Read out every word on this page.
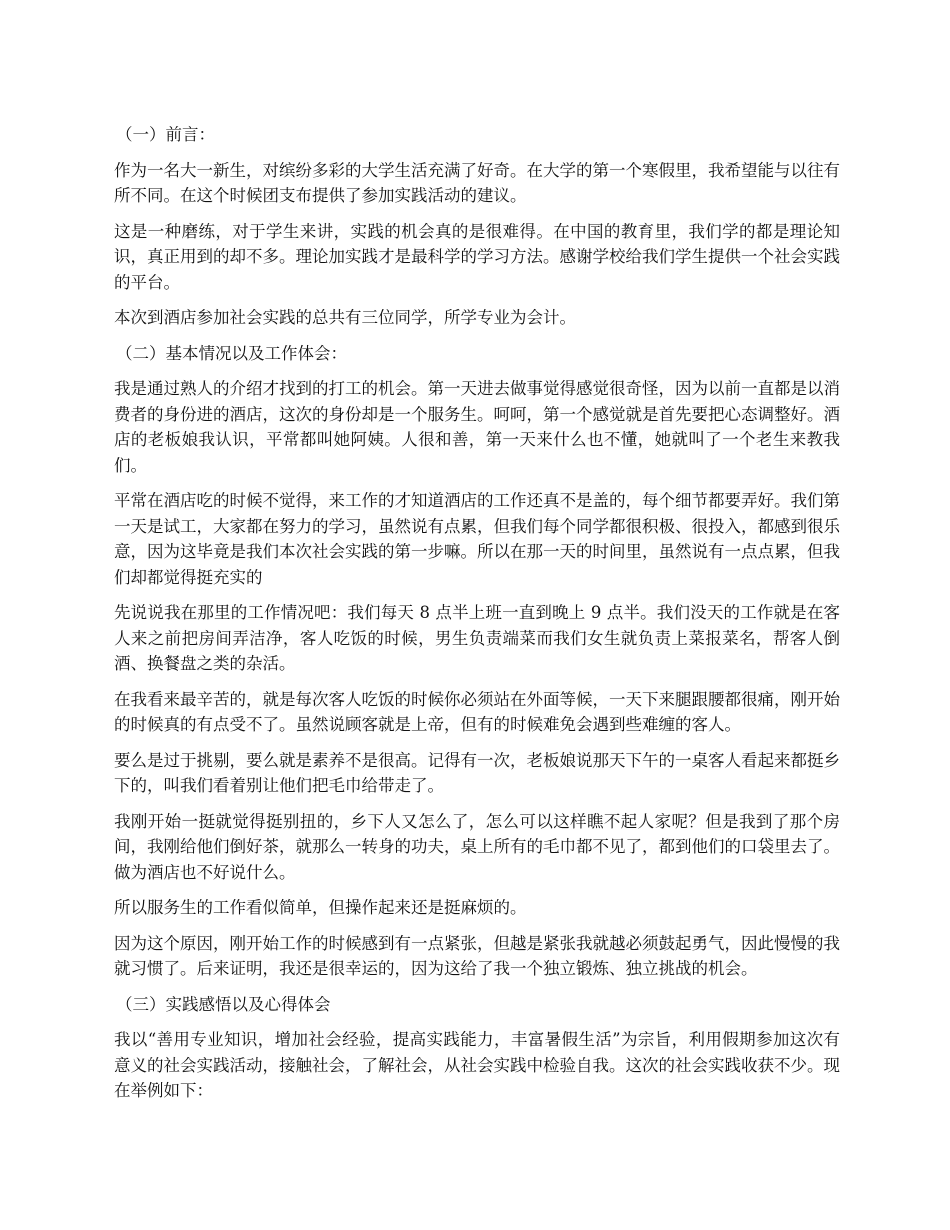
（一）前言：

作为一名大一新生，对缤纷多彩的大学生活充满了好奇。在大学的第一个寒假里，我希望能与以往有所不同。在这个时候团支布提供了参加实践活动的建议。

这是一种磨练，对于学生来讲，实践的机会真的是很难得。在中国的教育里，我们学的都是理论知识，真正用到的却不多。理论加实践才是最科学的学习方法。感谢学校给我们学生提供一个社会实践的平台。

本次到酒店参加社会实践的总共有三位同学，所学专业为会计。

（二）基本情况以及工作体会：

我是通过熟人的介绍才找到的打工的机会。第一天进去做事觉得感觉很奇怪，因为以前一直都是以消费者的身份进的酒店，这次的身份却是一个服务生。呵呵，第一个感觉就是首先要把心态调整好。酒店的老板娘我认识，平常都叫她阿姨。人很和善，第一天来什么也不懂，她就叫了一个老生来教我们。

平常在酒店吃的时候不觉得，来工作的才知道酒店的工作还真不是盖的，每个细节都要弄好。我们第一天是试工，大家都在努力的学习，虽然说有点累，但我们每个同学都很积极、很投入，都感到很乐意，因为这毕竟是我们本次社会实践的第一步嘛。所以在那一天的时间里，虽然说有一点点累，但我们却都觉得挺充实的

先说说我在那里的工作情况吧：我们每天 8 点半上班一直到晚上 9 点半。我们没天的工作就是在客人来之前把房间弄洁净，客人吃饭的时候，男生负责端菜而我们女生就负责上菜报菜名，帮客人倒酒、换餐盘之类的杂活。

在我看来最辛苦的，就是每次客人吃饭的时候你必须站在外面等候，一天下来腿跟腰都很痛，刚开始的时候真的有点受不了。虽然说顾客就是上帝，但有的时候难免会遇到些难缠的客人。

要么是过于挑剔，要么就是素养不是很高。记得有一次，老板娘说那天下午的一桌客人看起来都挺乡下的，叫我们看着别让他们把毛巾给带走了。

我刚开始一挺就觉得挺别扭的，乡下人又怎么了，怎么可以这样瞧不起人家呢？但是我到了那个房间，我刚给他们倒好茶，就那么一转身的功夫，桌上所有的毛巾都不见了，都到他们的口袋里去了。做为酒店也不好说什么。

所以服务生的工作看似简单，但操作起来还是挺麻烦的。

因为这个原因，刚开始工作的时候感到有一点紧张，但越是紧张我就越必须鼓起勇气，因此慢慢的我就习惯了。后来证明，我还是很幸运的，因为这给了我一个独立锻炼、独立挑战的机会。

（三）实践感悟以及心得体会

我以“善用专业知识，增加社会经验，提高实践能力，丰富暑假生活”为宗旨，利用假期参加这次有意义的社会实践活动，接触社会，了解社会，从社会实践中检验自我。这次的社会实践收获不少。现在举例如下：
